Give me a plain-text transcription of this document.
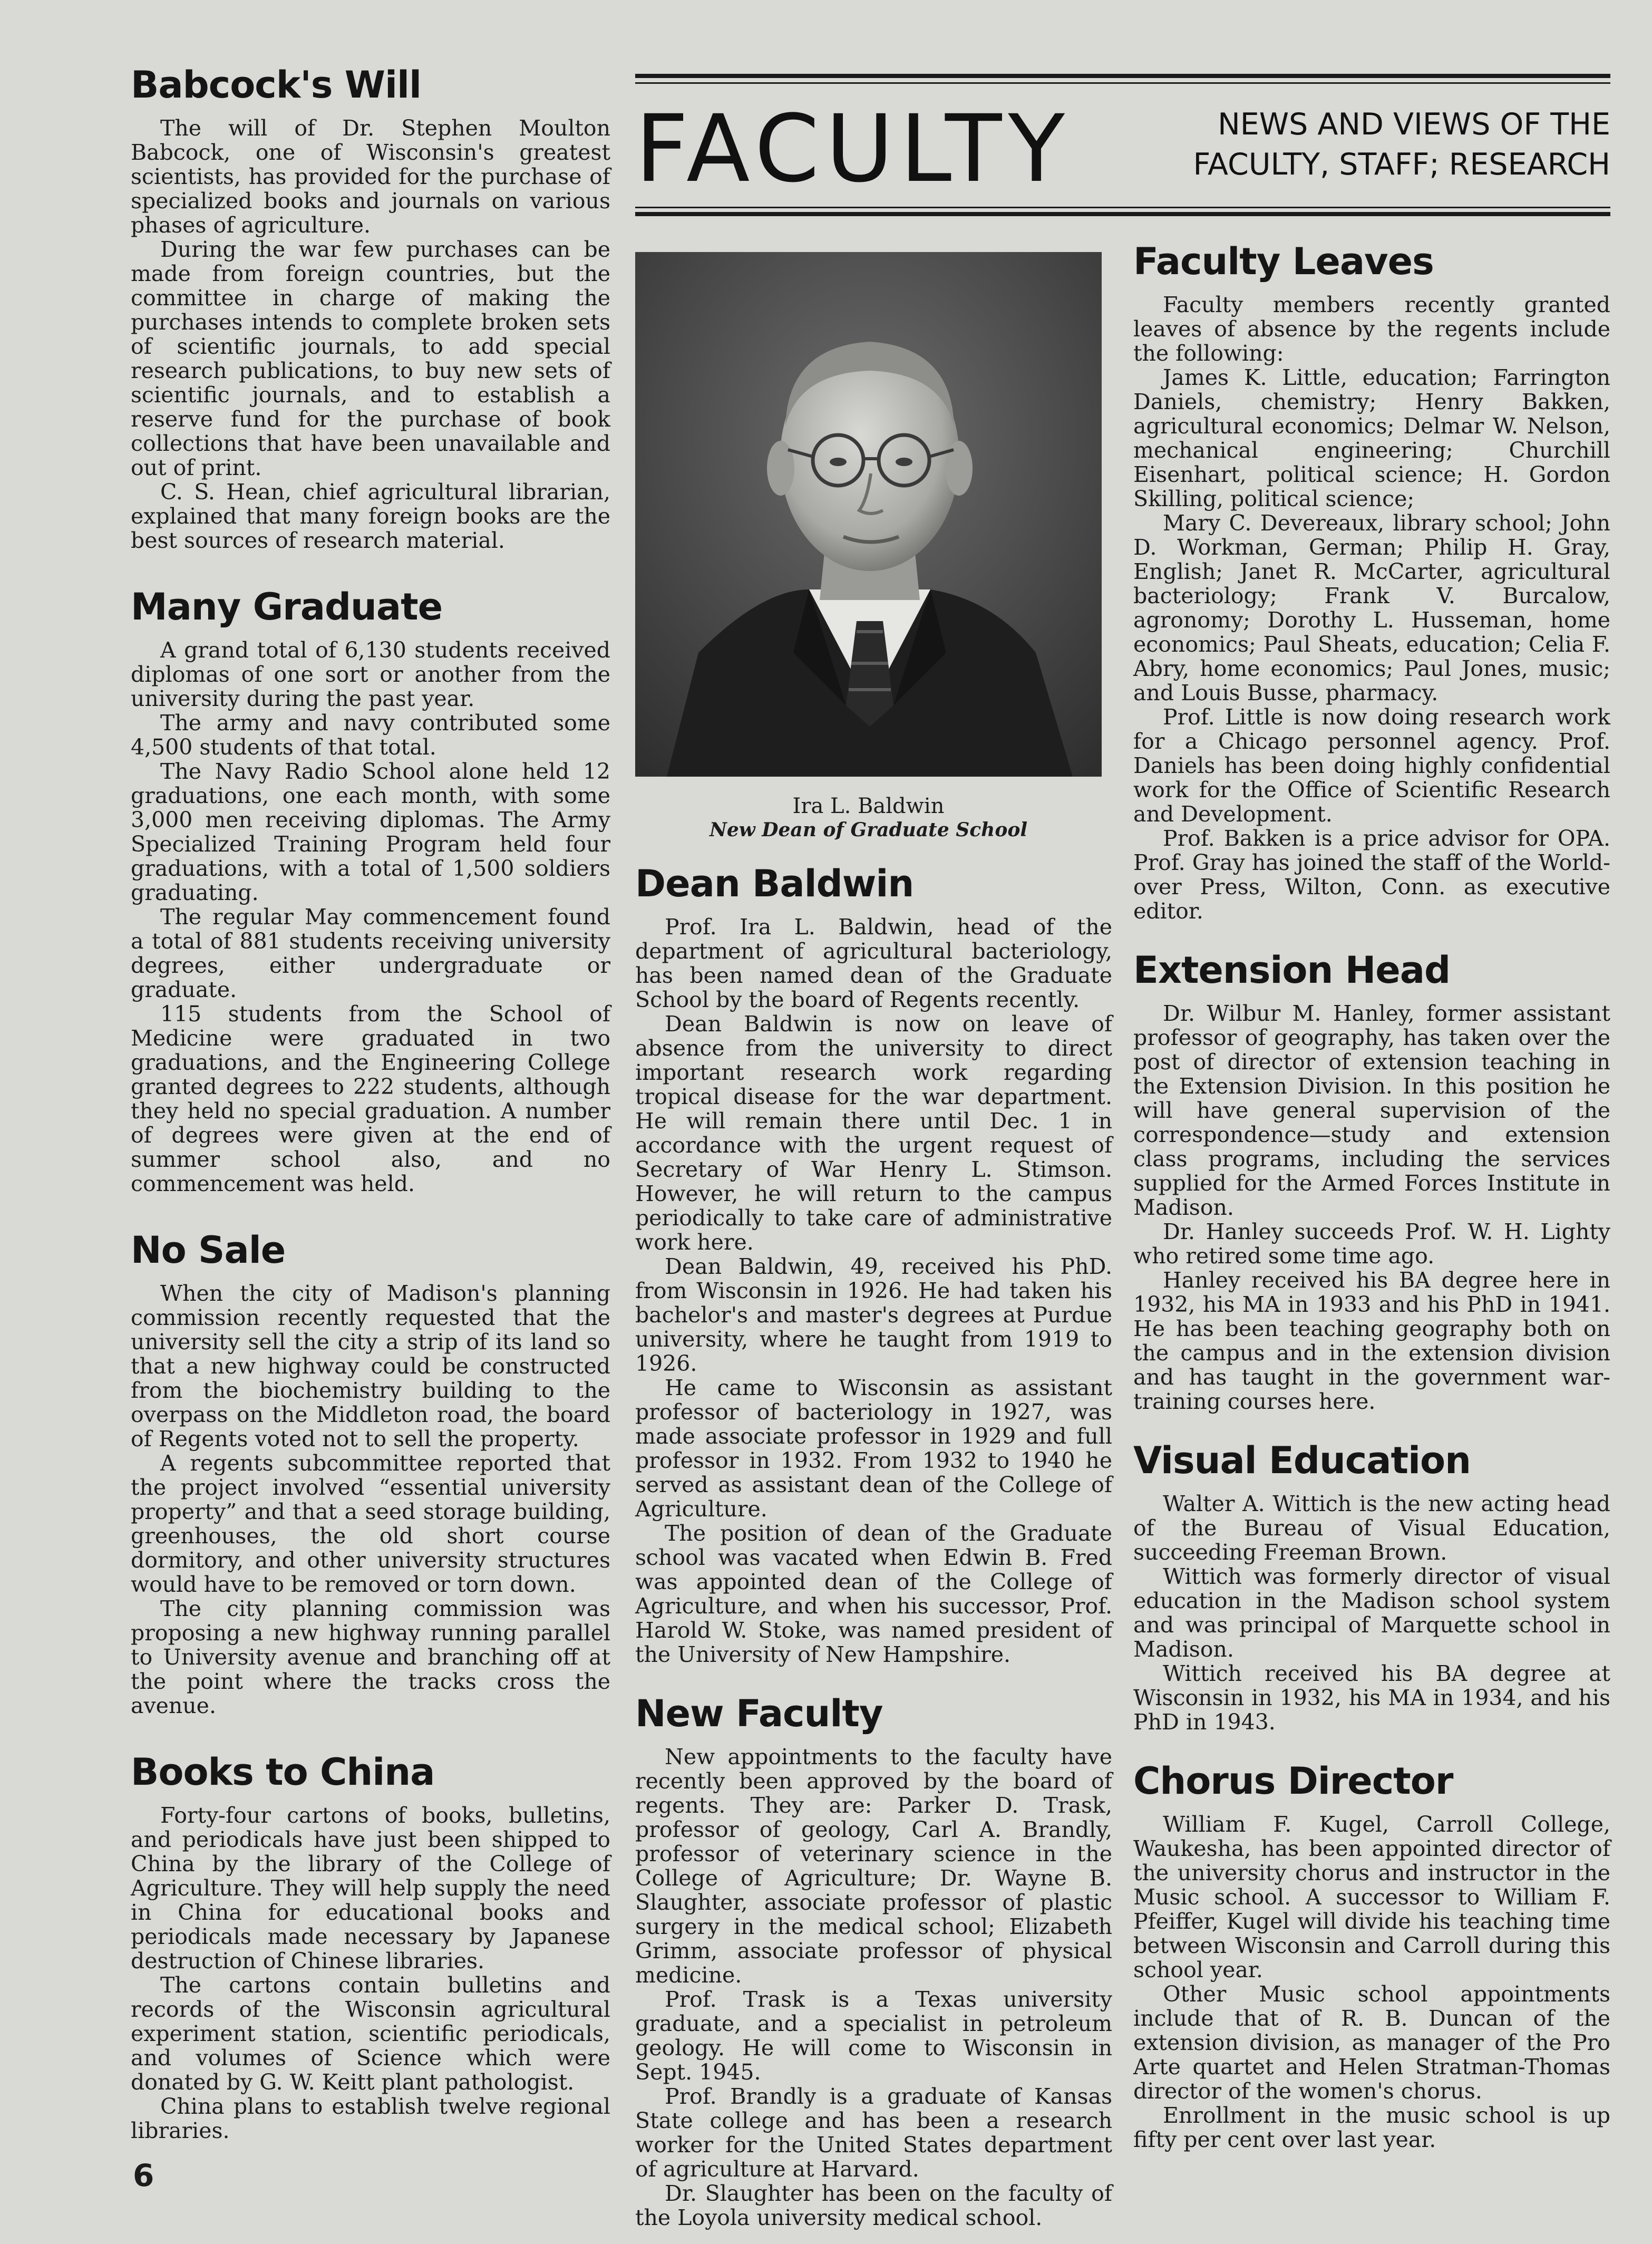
FACULTY	NEWS AND VIEWS OF THE
FACULTY, STAFF; RESEARCH
Ira L. Baldwin
New Dean of Graduate School
Babcock's Will

The will of Dr. Stephen Moulton Babcock, one of Wisconsin's greatest scientists, has provided for the purchase of specialized books and journals on various phases of agriculture.

During the war few purchases can be made from foreign countries, but the committee in charge of making the purchases intends to complete broken sets of scientific journals, to add special research publications, to buy new sets of scientific journals, and to establish a reserve fund for the purchase of book collections that have been unavailable and out of print.

C. S. Hean, chief agricultural librarian, explained that many foreign books are the best sources of research material.

Many Graduate

A grand total of 6,130 students received diplomas of one sort or another from the university during the past year.

The army and navy contributed some 4,500 students of that total.

The Navy Radio School alone held 12 graduations, one each month, with some 3,000 men receiving diplomas. The Army Specialized Training Program held four graduations, with a total of 1,500 soldiers graduating.

The regular May commencement found a total of 881 students receiving university degrees, either undergraduate or graduate.

115 students from the School of Medicine were graduated in two graduations, and the Engineering College granted degrees to 222 students, although they held no special graduation. A number of degrees were given at the end of summer school also, and no commencement was held.

No Sale

When the city of Madison's planning commission recently requested that the university sell the city a strip of its land so that a new highway could be constructed from the biochemistry building to the overpass on the Middleton road, the board of Regents voted not to sell the property.

A regents subcommittee reported that the project involved “essential university property” and that a seed storage building, greenhouses, the old short course dormitory, and other university structures would have to be removed or torn down.

The city planning commission was proposing a new highway running parallel to University avenue and branching off at the point where the tracks cross the avenue.

Books to China

Forty-four cartons of books, bulletins, and periodicals have just been shipped to China by the library of the College of Agriculture. They will help supply the need in China for educational books and periodicals made necessary by Japanese destruction of Chinese libraries.

The cartons contain bulletins and records of the Wisconsin agricultural experiment station, scientific periodicals, and volumes of Science which were donated by G. W. Keitt plant pathologist.

China plans to establish twelve regional libraries.

Dean Baldwin

Prof. Ira L. Baldwin, head of the department of agricultural bacteriology, has been named dean of the Graduate School by the board of Regents recently.

Dean Baldwin is now on leave of absence from the university to direct important research work regarding tropical disease for the war department. He will remain there until Dec. 1 in accordance with the urgent request of Secretary of War Henry L. Stimson. However, he will return to the campus periodically to take care of administrative work here.

Dean Baldwin, 49, received his PhD. from Wisconsin in 1926. He had taken his bachelor's and master's degrees at Purdue university, where he taught from 1919 to 1926.

He came to Wisconsin as assistant professor of bacteriology in 1927, was made associate professor in 1929 and full professor in 1932. From 1932 to 1940 he served as assistant dean of the College of Agriculture.

The position of dean of the Graduate school was vacated when Edwin B. Fred was appointed dean of the College of Agriculture, and when his successor, Prof. Harold W. Stoke, was named president of the University of New Hampshire.

New Faculty

New appointments to the faculty have recently been approved by the board of regents. They are: Parker D. Trask, professor of geology, Carl A. Brandly, professor of veterinary science in the College of Agriculture; Dr. Wayne B. Slaughter, associate professor of plastic surgery in the medical school; Elizabeth Grimm, associate professor of physical medicine.

Prof. Trask is a Texas university graduate, and a specialist in petroleum geology. He will come to Wisconsin in Sept. 1945.

Prof. Brandly is a graduate of Kansas State college and has been a research worker for the United States department of agriculture at Harvard.

Dr. Slaughter has been on the faculty of the Loyola university medical school.

Faculty Leaves

Faculty members recently granted leaves of absence by the regents include the following:

James K. Little, education; Farrington Daniels, chemistry; Henry Bakken, agricultural economics; Delmar W. Nelson, mechanical engineering; Churchill Eisenhart, political science; H. Gordon Skilling, political science;

Mary C. Devereaux, library school; John D. Workman, German; Philip H. Gray, English; Janet R. McCarter, agricultural bacteriology; Frank V. Burcalow, agronomy; Dorothy L. Husseman, home economics; Paul Sheats, education; Celia F. Abry, home economics; Paul Jones, music; and Louis Busse, pharmacy.

Prof. Little is now doing research work for a Chicago personnel agency. Prof. Daniels has been doing highly confidential work for the Office of Scientific Research and Development.

Prof. Bakken is a price advisor for OPA. Prof. Gray has joined the staff of the World-over Press, Wilton, Conn. as executive editor.

Extension Head

Dr. Wilbur M. Hanley, former assistant professor of geography, has taken over the post of director of extension teaching in the Extension Division. In this position he will have general supervision of the correspondence—study and extension class programs, including the services supplied for the Armed Forces Institute in Madison.

Dr. Hanley succeeds Prof. W. H. Lighty who retired some time ago.

Hanley received his BA degree here in 1932, his MA in 1933 and his PhD in 1941. He has been teaching geography both on the campus and in the extension division and has taught in the government war-training courses here.

Visual Education

Walter A. Wittich is the new acting head of the Bureau of Visual Education, succeeding Freeman Brown.

Wittich was formerly director of visual education in the Madison school system and was principal of Marquette school in Madison.

Wittich received his BA degree at Wisconsin in 1932, his MA in 1934, and his PhD in 1943.

Chorus Director

William F. Kugel, Carroll College, Waukesha, has been appointed director of the university chorus and instructor in the Music school. A successor to William F. Pfeiffer, Kugel will divide his teaching time between Wisconsin and Carroll during this school year.

Other Music school appointments include that of R. B. Duncan of the extension division, as manager of the Pro Arte quartet and Helen Stratman-Thomas director of the women's chorus.

Enrollment in the music school is up fifty per cent over last year.

6
